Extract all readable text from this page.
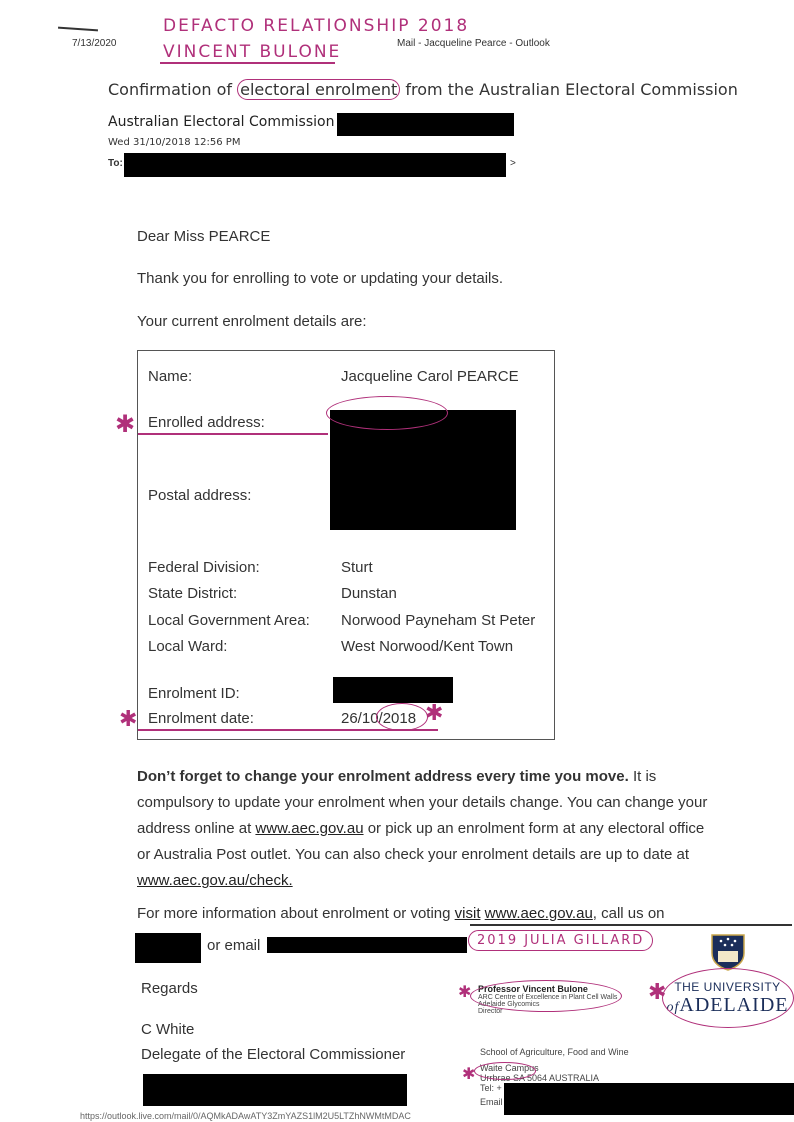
7/13/2020	Mail - Jacqueline Pearce - Outlook
DEFACTO RELATIONSHIP 2018
VINCENT BULONE
Confirmation of electoral enrolment from the Australian Electoral Commission
Australian Electoral Commission
Wed 31/10/2018 12:56 PM
To:	>
Dear Miss PEARCE
Thank you for enrolling to vote or updating your details.
Your current enrolment details are:
Name:	Jacqueline Carol PEARCE
Enrolled address:
Postal address:
Federal Division:	Sturt
State District:	Dunstan
Local Government Area: Norwood Payneham St Peter
Local Ward:	West Norwood/Kent Town
Enrolment ID:
Enrolment date:	26/10/2018
✱
✱	✱
Don’t forget to change your enrolment address every time you move. It is compulsory to update your enrolment when your details change. You can change your address online at www.aec.gov.au or pick up an enrolment form at any electoral office or Australia Post outlet. You can also check your enrolment details are up to date at www.aec.gov.au/check.
For more information about enrolment or voting visit www.aec.gov.au, call us on
or email	2019 JULIA GILLARD
Regards
C White
Delegate of the Electoral Commissioner
Professor Vincent Bulone
ARC Centre of Excellence in Plant Cell Walls
Adelaide Glycomics
Director
✱	✱
School of Agriculture, Food and Wine
Waite Campus
Urrbrae SA 5064 AUSTRALIA
Tel: +
Email
✱
THE UNIVERSITY
ofADELAIDE
https://outlook.live.com/mail/0/AQMkADAwATY3ZmYAZS1lM2U5LTZhNWMtMDAC
